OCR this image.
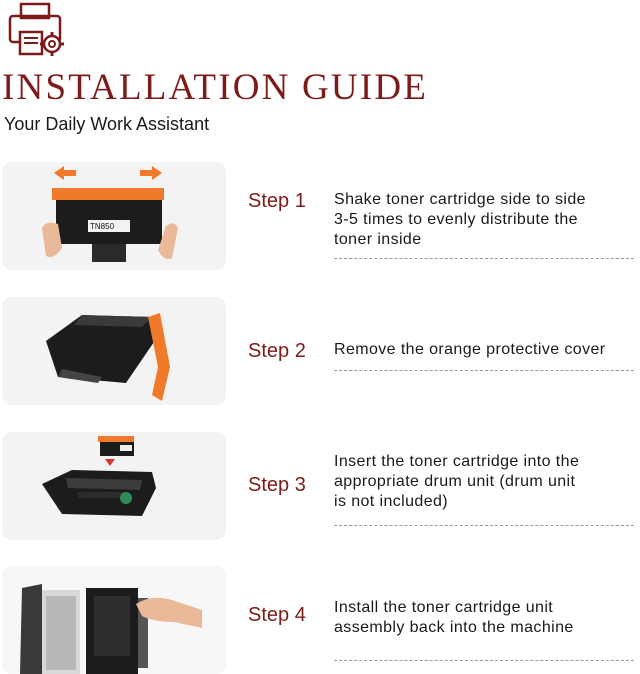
INSTALLATION GUIDE
Your Daily Work Assistant
TN850
Step 1 Shake toner cartridge side to side
3-5 times to evenly distribute the
toner inside
Step 2 Remove the orange protective cover
Step 3
Insert the toner cartridge into the
appropriate drum unit (drum unit
is not included)
Step 4 Install the toner cartridge unit
assembly back into the machine
